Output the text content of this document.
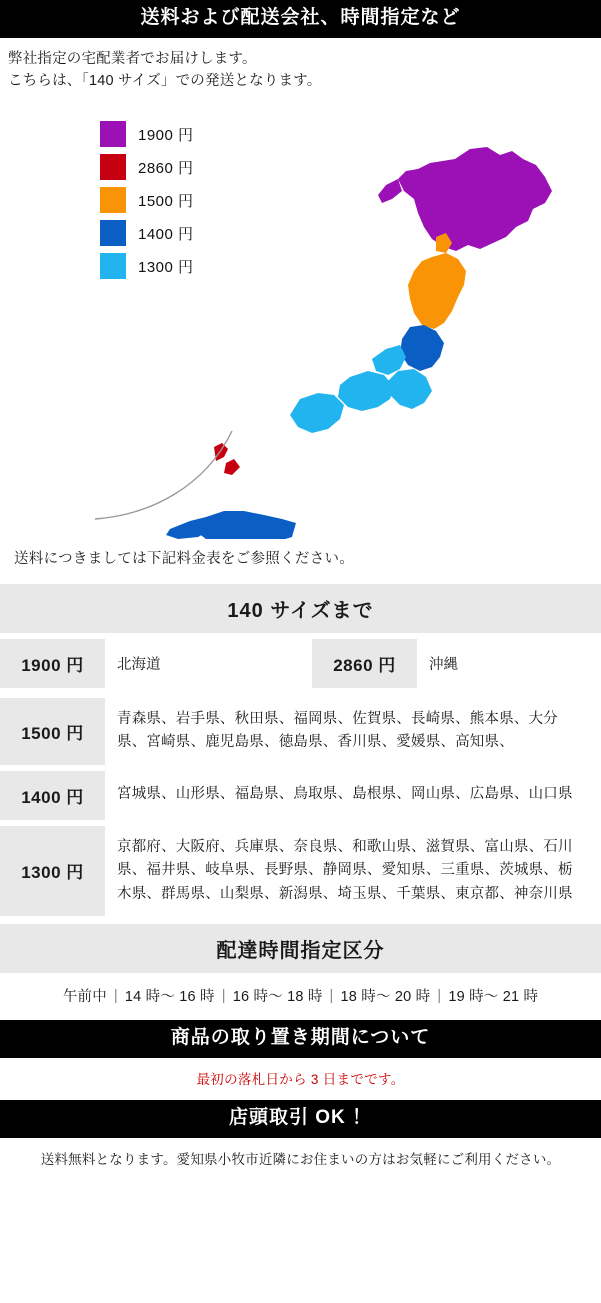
送料および配送会社、時間指定など
弊社指定の宅配業者でお届けします。
こちらは、「140 サイズ」での発送となります。
1900 円
2860 円
1500 円
1400 円
1300 円
送料につきましては下記料金表をご参照ください。
140 サイズまで
1900 円	北海道	2860 円	沖縄
1500 円	青森県、岩手県、秋田県、福岡県、佐賀県、長崎県、熊本県、大分県、宮崎県、鹿児島県、徳島県、香川県、愛媛県、高知県、
1400 円	宮城県、山形県、福島県、鳥取県、島根県、岡山県、広島県、山口県
1300 円	京都府、大阪府、兵庫県、奈良県、和歌山県、滋賀県、富山県、石川県、福井県、岐阜県、長野県、静岡県、愛知県、三重県、茨城県、栃木県、群馬県、山梨県、新潟県、埼玉県、千葉県、東京都、神奈川県
配達時間指定区分
午前中 | 14 時〜 16 時 | 16 時〜 18 時 | 18 時〜 20 時 | 19 時〜 21 時
商品の取り置き期間について
最初の落札日から 3 日までです。
店頭取引 OK ！
送料無料となります。愛知県小牧市近隣にお住まいの方はお気軽にご利用ください。
